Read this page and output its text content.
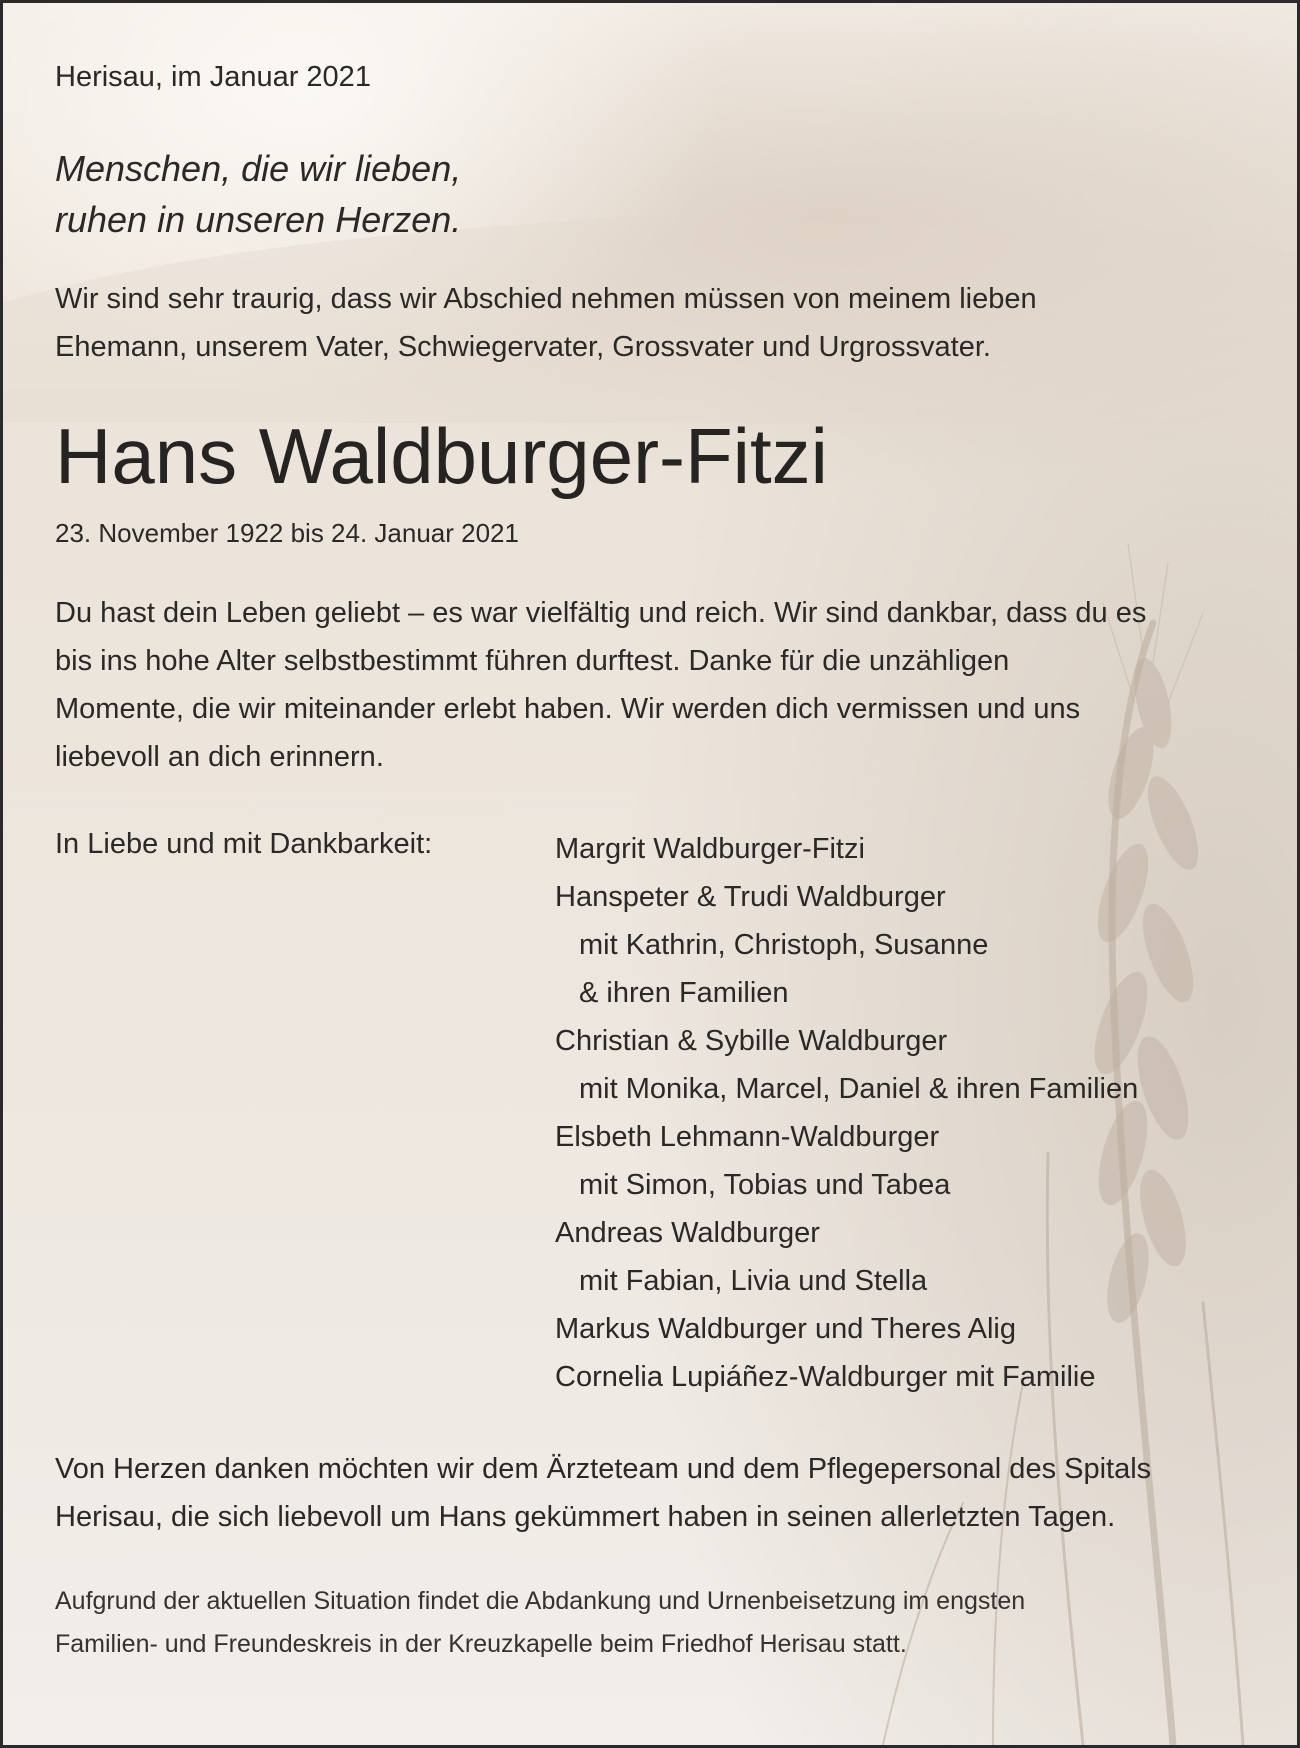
Herisau, im Januar 2021
Menschen, die wir lieben,
ruhen in unseren Herzen.
Wir sind sehr traurig, dass wir Abschied nehmen müssen von meinem lieben
Ehemann, unserem Vater, Schwiegervater, Grossvater und Urgrossvater.
Hans Waldburger-Fitzi
23. November 1922 bis 24. Januar 2021
Du hast dein Leben geliebt – es war vielfältig und reich. Wir sind dankbar, dass du es
bis ins hohe Alter selbstbestimmt führen durftest. Danke für die unzähligen
Momente, die wir miteinander erlebt haben. Wir werden dich vermissen und uns
liebevoll an dich erinnern.
In Liebe und mit Dankbarkeit:	Margrit Waldburger-Fitzi
Hanspeter & Trudi Waldburger
mit Kathrin, Christoph, Susanne
& ihren Familien
Christian & Sybille Waldburger
mit Monika, Marcel, Daniel & ihren Familien
Elsbeth Lehmann-Waldburger
mit Simon, Tobias und Tabea
Andreas Waldburger
mit Fabian, Livia und Stella
Markus Waldburger und Theres Alig
Cornelia Lupiáñez-Waldburger mit Familie
Von Herzen danken möchten wir dem Ärzteteam und dem Pflegepersonal des Spitals
Herisau, die sich liebevoll um Hans gekümmert haben in seinen allerletzten Tagen.
Aufgrund der aktuellen Situation findet die Abdankung und Urnenbeisetzung im engsten
Familien- und Freundeskreis in der Kreuzkapelle beim Friedhof Herisau statt.
